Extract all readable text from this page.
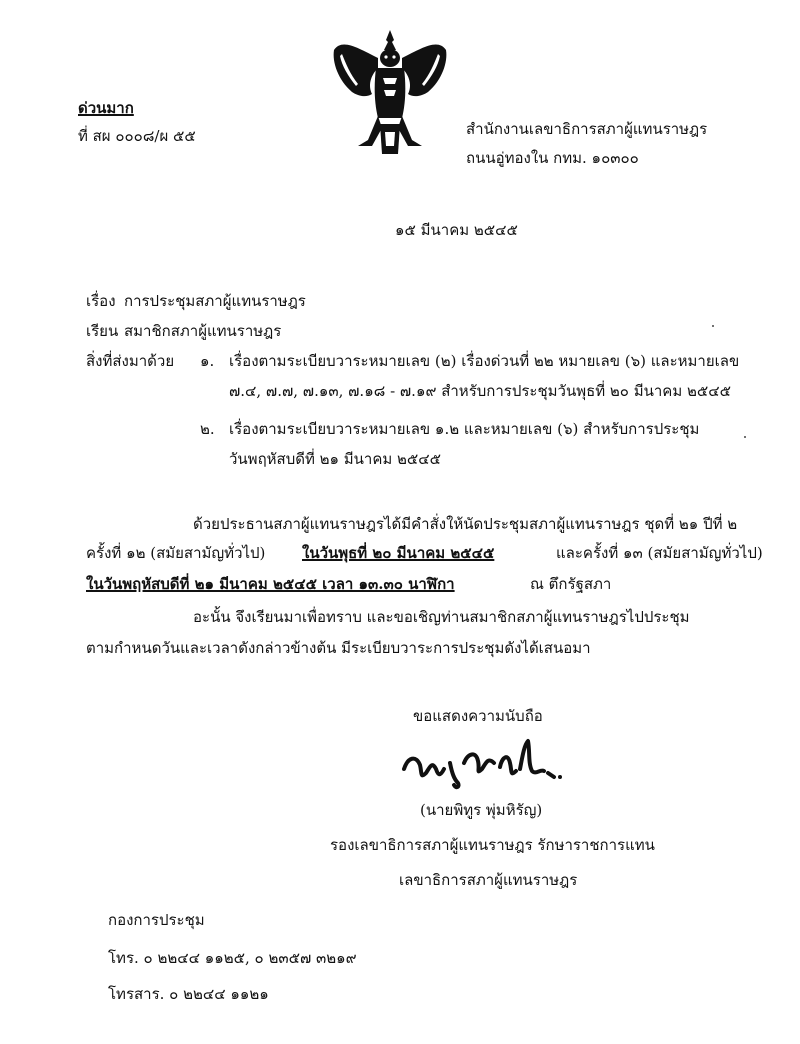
ด่วนมาก
ที่ สผ ๐๐๐๘/ผ ๕๕	สำนักงานเลขาธิการสภาผู้แทนราษฎร
ถนนอู่ทองใน กทม. ๑๐๓๐๐
๑๕ มีนาคม ๒๕๔๕
เรื่อง การประชุมสภาผู้แทนราษฎร
เรียน สมาชิกสภาผู้แทนราษฎร
สิ่งที่ส่งมาด้วย ๑. เรื่องตามระเบียบวาระหมายเลข (๒) เรื่องด่วนที่ ๒๒ หมายเลข (๖) และหมายเลข
๗.๔, ๗.๗, ๗.๑๓, ๗.๑๘ - ๗.๑๙ สำหรับการประชุมวันพุธที่ ๒๐ มีนาคม ๒๕๔๕
๒. เรื่องตามระเบียบวาระหมายเลข ๑.๒ และหมายเลข (๖) สำหรับการประชุม
วันพฤหัสบดีที่ ๒๑ มีนาคม ๒๕๔๕
ด้วยประธานสภาผู้แทนราษฎรได้มีคำสั่งให้นัดประชุมสภาผู้แทนราษฎร ชุดที่ ๒๑ ปีที่ ๒
ครั้งที่ ๑๒ (สมัยสามัญทั่วไป) ในวันพุธที่ ๒๐ มีนาคม ๒๕๔๕	และครั้งที่ ๑๓ (สมัยสามัญทั่วไป)
ในวันพฤหัสบดีที่ ๒๑ มีนาคม ๒๕๔๕ เวลา ๑๓.๓๐ นาฬิกา	ณ ตึกรัฐสภา
อะนั้น จึงเรียนมาเพื่อทราบ และขอเชิญท่านสมาชิกสภาผู้แทนราษฎรไปประชุม
ตามกำหนดวันและเวลาดังกล่าวข้างต้น มีระเบียบวาระการประชุมดังได้เสนอมา
ขอแสดงความนับถือ
(นายพิทูร พุ่มหิรัญ)
รองเลขาธิการสภาผู้แทนราษฎร รักษาราชการแทน
เลขาธิการสภาผู้แทนราษฎร
กองการประชุม
โทร. ๐ ๒๒๔๔ ๑๑๒๕, ๐ ๒๓๕๗ ๓๒๑๙
โทรสาร. ๐ ๒๒๔๔ ๑๑๒๑
